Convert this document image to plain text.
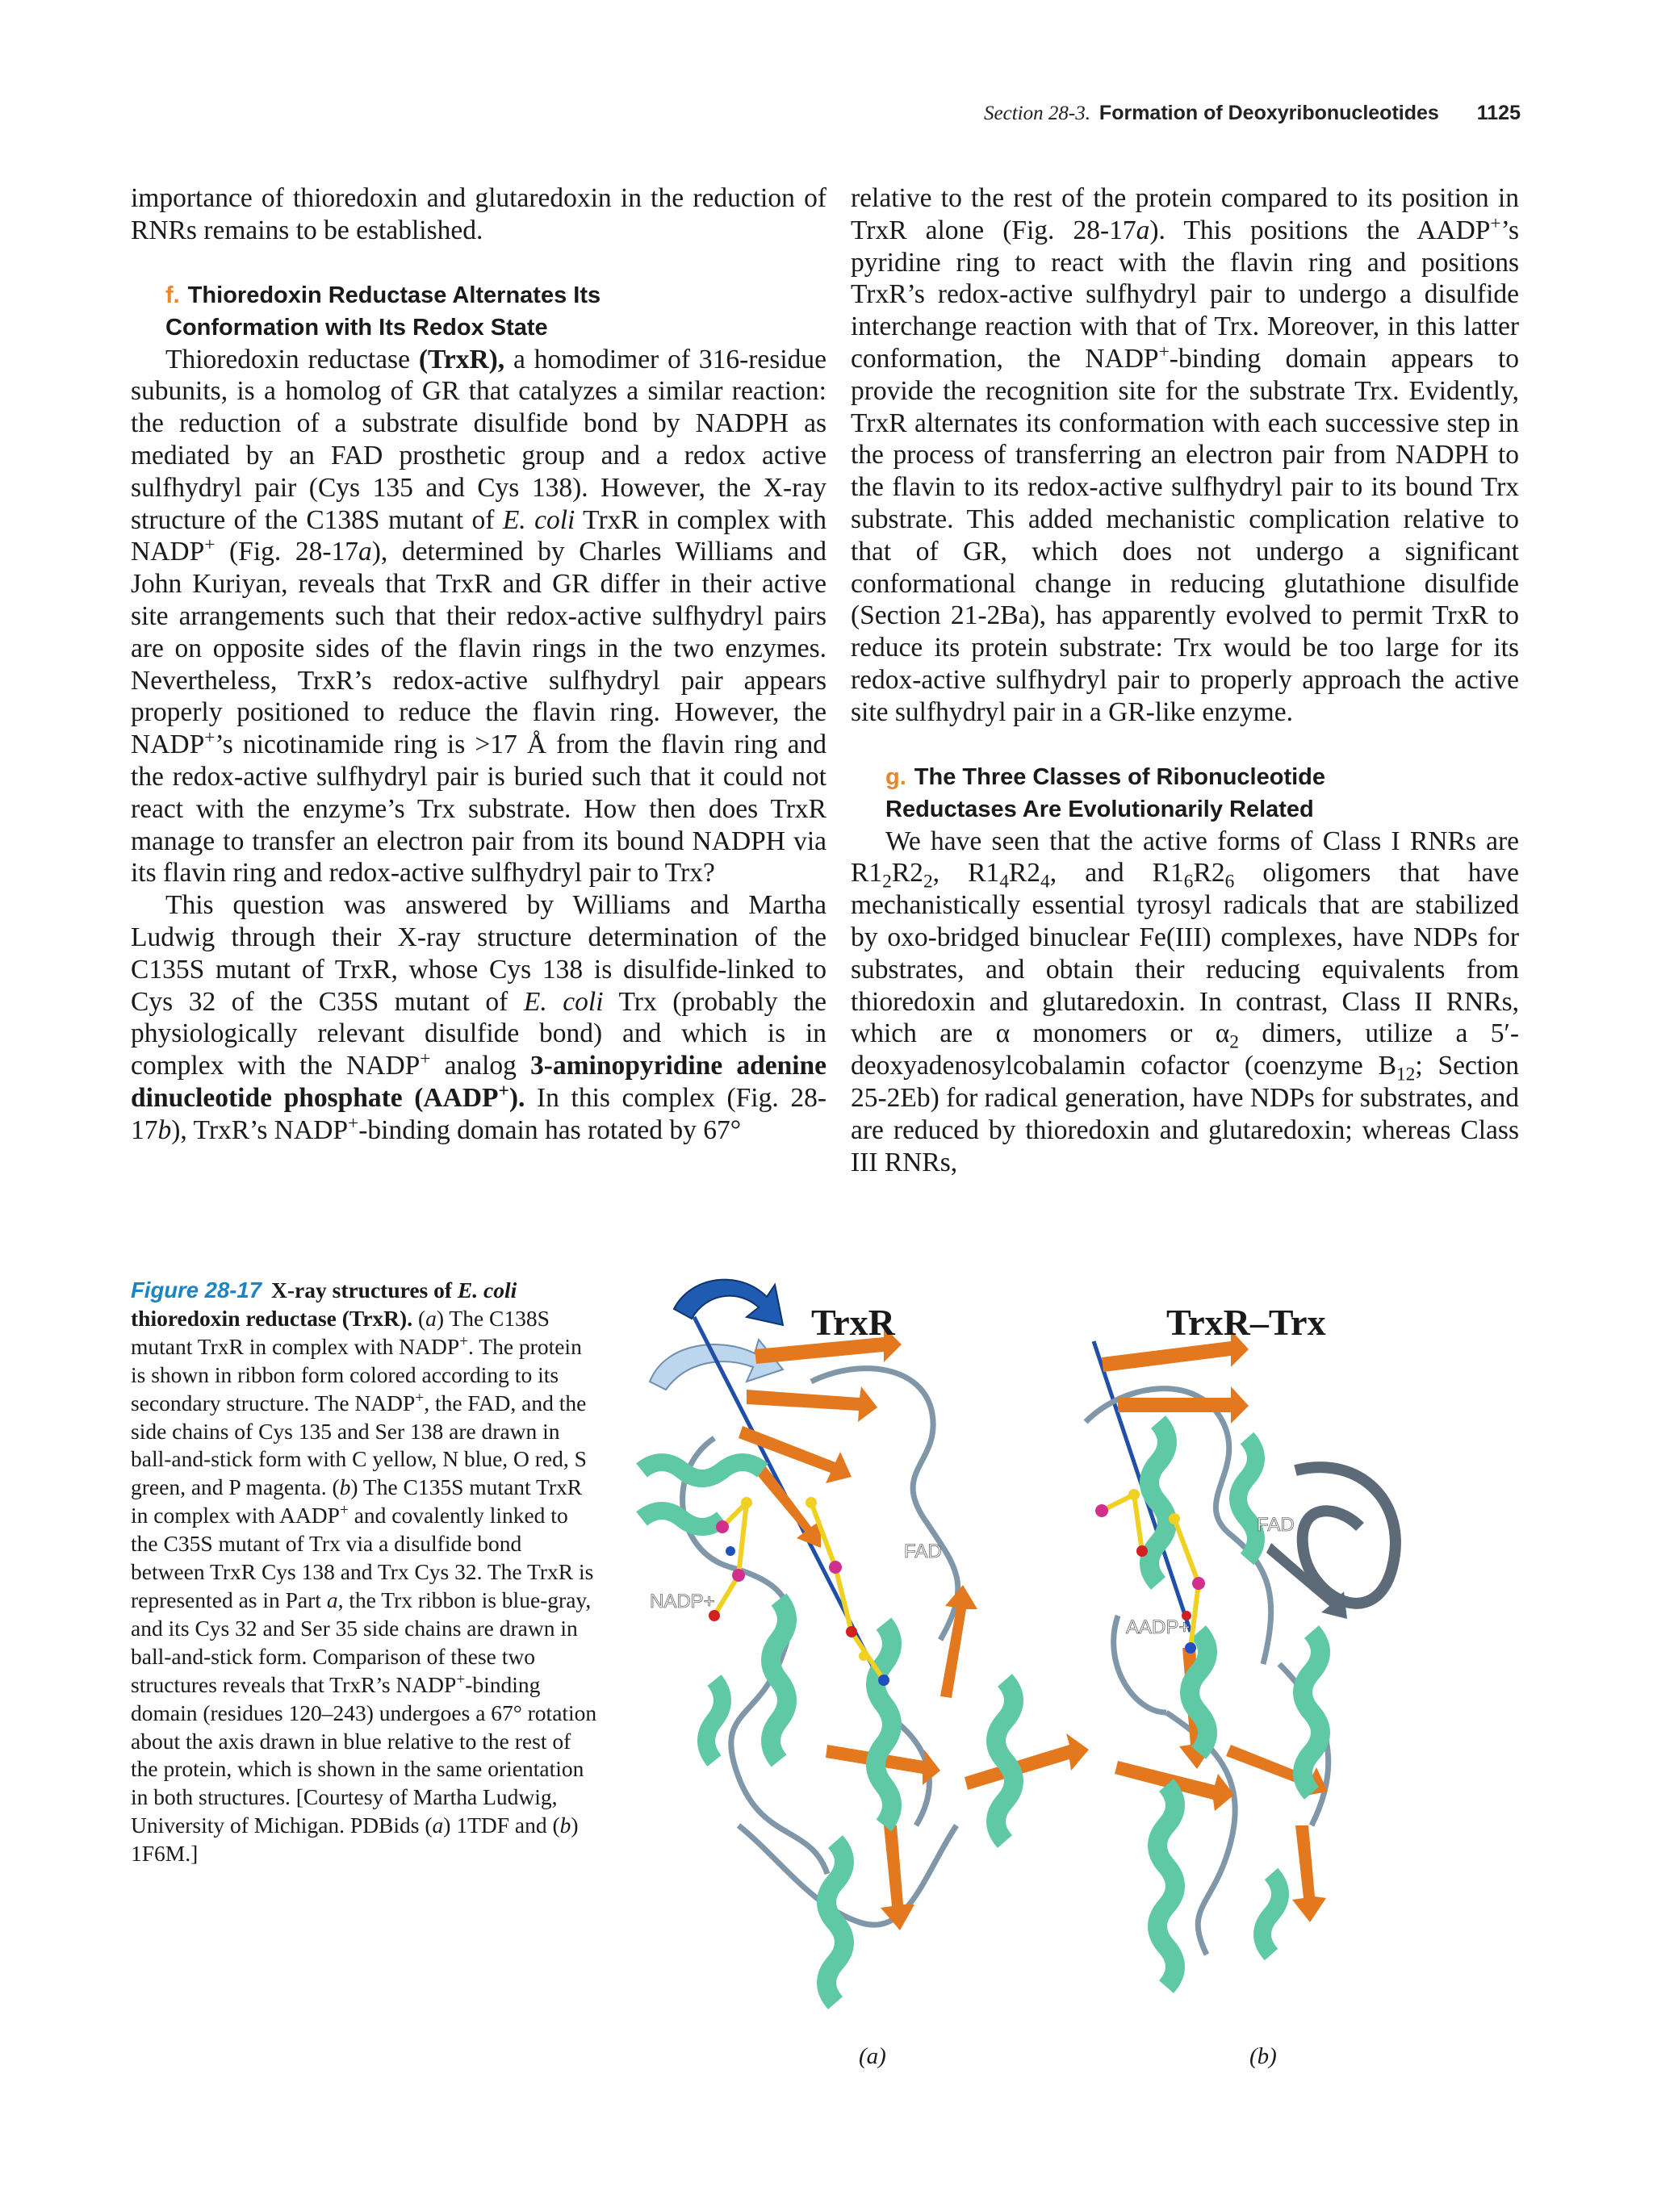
Section 28-3. Formation of Deoxyribonucleotides 1125

importance of thioredoxin and glutaredoxin in the reduction of RNRs remains to be established.

f. Thioredoxin Reductase Alternates Its
Conformation with Its Redox State

Thioredoxin reductase (TrxR), a homodimer of 316-residue subunits, is a homolog of GR that catalyzes a similar reaction: the reduction of a substrate disulfide bond by NADPH as mediated by an FAD prosthetic group and a redox active sulfhydryl pair (Cys 135 and Cys 138). However, the X-ray structure of the C138S mutant of E. coli TrxR in complex with NADP+ (Fig. 28-17a), determined by Charles Williams and John Kuriyan, reveals that TrxR and GR differ in their active site arrangements such that their redox-active sulfhydryl pairs are on opposite sides of the flavin rings in the two enzymes. Nevertheless, TrxR’s redox-active sulfhydryl pair appears properly positioned to reduce the flavin ring. However, the NADP+’s nicotinamide ring is >17 Å from the flavin ring and the redox-active sulfhydryl pair is buried such that it could not react with the enzyme’s Trx substrate. How then does TrxR manage to transfer an electron pair from its bound NADPH via its flavin ring and redox-active sulfhydryl pair to Trx?

This question was answered by Williams and Martha Ludwig through their X-ray structure determination of the C135S mutant of TrxR, whose Cys 138 is disulfide-linked to Cys 32 of the C35S mutant of E. coli Trx (probably the physiologically relevant disulfide bond) and which is in complex with the NADP+ analog 3-aminopyridine adenine dinucleotide phosphate (AADP+). In this complex (Fig. 28-17b), TrxR’s NADP+-binding domain has rotated by 67°

relative to the rest of the protein compared to its position in TrxR alone (Fig. 28-17a). This positions the AADP+’s pyridine ring to react with the flavin ring and positions TrxR’s redox-active sulfhydryl pair to undergo a disulfide interchange reaction with that of Trx. Moreover, in this latter conformation, the NADP+-binding domain appears to provide the recognition site for the substrate Trx. Evidently, TrxR alternates its conformation with each successive step in the process of transferring an electron pair from NADPH to the flavin to its redox-active sulfhydryl pair to its bound Trx substrate. This added mechanistic complication relative to that of GR, which does not undergo a significant conformational change in reducing glutathione disulfide (Section 21-2Ba), has apparently evolved to permit TrxR to reduce its protein substrate: Trx would be too large for its redox-active sulfhydryl pair to properly approach the active site sulfhydryl pair in a GR-like enzyme.

g. The Three Classes of Ribonucleotide
Reductases Are Evolutionarily Related

We have seen that the active forms of Class I RNRs are $R1_2R2_2$, $R1_4R2_4$, and $R1_6R2_6$ oligomers that have mechanistically essential tyrosyl radicals that are stabilized by oxo-bridged binuclear Fe(III) complexes, have NDPs for substrates, and obtain their reducing equivalents from thioredoxin and glutaredoxin. In contrast, Class II RNRs, which are α monomers or $\alpha_2$ dimers, utilize a 5′-deoxyadenosylcobalamin cofactor (coenzyme $B_{12}$; Section 25-2Eb) for radical generation, have NDPs for substrates, and are reduced by thioredoxin and glutaredoxin; whereas Class III RNRs,

Figure 28-17 X-ray structures of E. coli thioredoxin reductase (TrxR). (a) The C138S mutant TrxR in complex with NADP+. The protein is shown in ribbon form colored according to its secondary structure. The NADP+, the FAD, and the side chains of Cys 135 and Ser 138 are drawn in ball-and-stick form with C yellow, N blue, O red, S green, and P magenta. (b) The C135S mutant TrxR in complex with AADP+ and covalently linked to the C35S mutant of Trx via a disulfide bond between TrxR Cys 138 and Trx Cys 32. The TrxR is represented as in Part a, the Trx ribbon is blue-gray, and its Cys 32 and Ser 35 side chains are drawn in ball-and-stick form. Comparison of these two structures reveals that TrxR’s NADP+-binding domain (residues 120–243) undergoes a 67° rotation about the axis drawn in blue relative to the rest of the protein, which is shown in the same orientation in both structures. [Courtesy of Martha Ludwig, University of Michigan. PDBids (a) 1TDF and (b) 1F6M.]
TrxR
FAD
NADP+
TrxR–Trx
FAD
AADP+
(a)	(b)
